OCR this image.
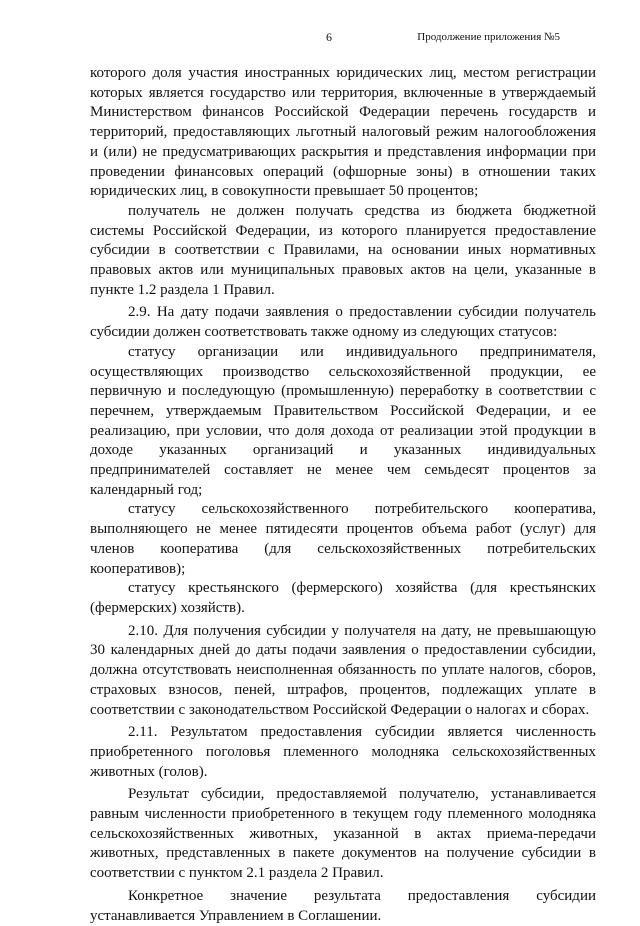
6	Продолжение приложения №5

которого доля участия иностранных юридических лиц, местом регистрации которых является государство или территория, включенные в утверждаемый Министерством финансов Российской Федерации перечень государств и территорий, предоставляющих льготный налоговый режим налогообложения и (или) не предусматривающих раскрытия и представления информации при проведении финансовых операций (офшорные зоны) в отношении таких юридических лиц, в совокупности превышает 50 процентов;

получатель не должен получать средства из бюджета бюджетной системы Российской Федерации, из которого планируется предоставление субсидии в соответствии с Правилами, на основании иных нормативных правовых актов или муниципальных правовых актов на цели, указанные в пункте 1.2 раздела 1 Правил.

2.9. На дату подачи заявления о предоставлении субсидии получатель субсидии должен соответствовать также одному из следующих статусов:

статусу организации или индивидуального предпринимателя, осуществляющих производство сельскохозяйственной продукции, ее первичную и последующую (промышленную) переработку в соответствии с перечнем, утверждаемым Правительством Российской Федерации, и ее реализацию, при условии, что доля дохода от реализации этой продукции в доходе указанных организаций и указанных индивидуальных предпринимателей составляет не менее чем семьдесят процентов за календарный год;

статусу сельскохозяйственного потребительского кооператива, выполняющего не менее пятидесяти процентов объема работ (услуг) для членов кооператива (для сельскохозяйственных потребительских кооперативов);

статусу крестьянского (фермерского) хозяйства (для крестьянских (фермерских) хозяйств).

2.10. Для получения субсидии у получателя на дату, не превышающую 30 календарных дней до даты подачи заявления о предоставлении субсидии, должна отсутствовать неисполненная обязанность по уплате налогов, сборов, страховых взносов, пеней, штрафов, процентов, подлежащих уплате в соответствии с законодательством Российской Федерации о налогах и сборах.

2.11. Результатом предоставления субсидии является численность приобретенного поголовья племенного молодняка сельскохозяйственных животных (голов).

Результат субсидии, предоставляемой получателю, устанавливается равным численности приобретенного в текущем году племенного молодняка сельскохозяйственных животных, указанной в актах приема-передачи животных, представленных в пакете документов на получение субсидии в соответствии с пунктом 2.1 раздела 2 Правил.

Конкретное значение результата предоставления субсидии устанавливается Управлением в Соглашении.
